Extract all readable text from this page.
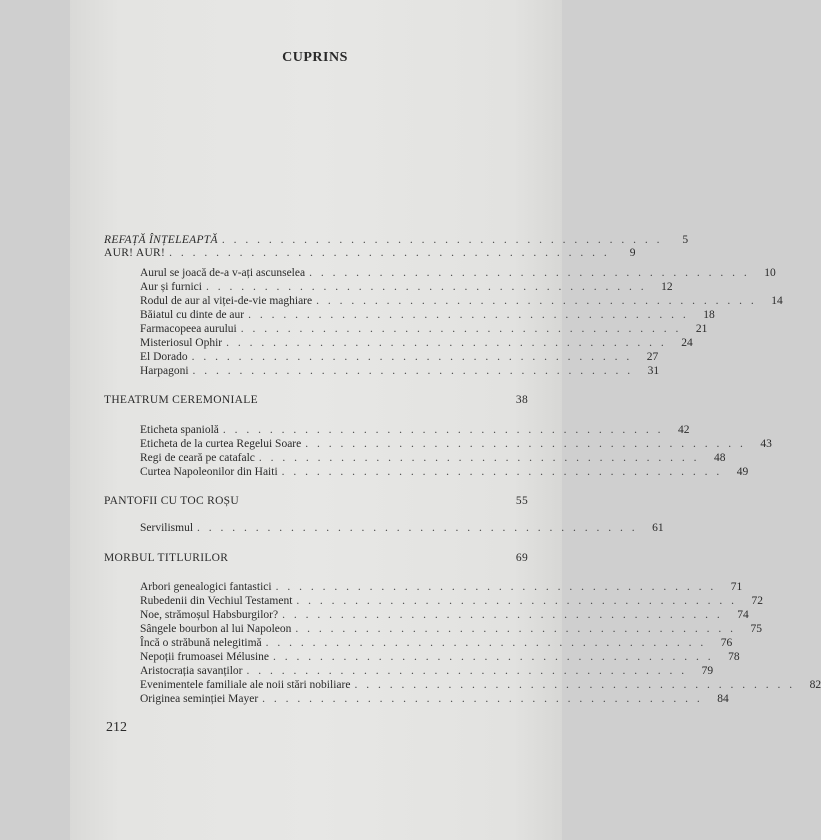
CUPRINS
REFAȚĂ ÎNȚELEAPTĂ . . . . . . . . . . . . . . . . . . . . . . . . . . . . . . . . . . . . . .	5
AUR! AUR! . . . . . . . . . . . . . . . . . . . . . . . . . . . . . . . . . . . . . .	9
Aurul se joacă de-a v-ați ascunselea . . . . . . . . . . . . . . . . . . . . . . . . . . . . . . . . . . . . . .	10
Aur și furnici . . . . . . . . . . . . . . . . . . . . . . . . . . . . . . . . . . . . . .	12
Rodul de aur al viței-de-vie maghiare . . . . . . . . . . . . . . . . . . . . . . . . . . . . . . . . . . . . . .	14
Băiatul cu dinte de aur . . . . . . . . . . . . . . . . . . . . . . . . . . . . . . . . . . . . . .	18
Farmacopeea aurului . . . . . . . . . . . . . . . . . . . . . . . . . . . . . . . . . . . . . .	21
Misteriosul Ophir . . . . . . . . . . . . . . . . . . . . . . . . . . . . . . . . . . . . . .	24
El Dorado . . . . . . . . . . . . . . . . . . . . . . . . . . . . . . . . . . . . . .	27
Harpagoni . . . . . . . . . . . . . . . . . . . . . . . . . . . . . . . . . . . . . .	31
THEATRUM CEREMONIALE	38
Eticheta spaniolă . . . . . . . . . . . . . . . . . . . . . . . . . . . . . . . . . . . . . .	42
Eticheta de la curtea Regelui Soare . . . . . . . . . . . . . . . . . . . . . . . . . . . . . . . . . . . . . .	43
Regi de ceară pe catafalc . . . . . . . . . . . . . . . . . . . . . . . . . . . . . . . . . . . . . .	48
Curtea Napoleonilor din Haiti . . . . . . . . . . . . . . . . . . . . . . . . . . . . . . . . . . . . . .	49
PANTOFII CU TOC ROȘU	55
Servilismul . . . . . . . . . . . . . . . . . . . . . . . . . . . . . . . . . . . . . .	61
MORBUL TITLURILOR	69
Arbori genealogici fantastici . . . . . . . . . . . . . . . . . . . . . . . . . . . . . . . . . . . . . .	71
Rubedenii din Vechiul Testament . . . . . . . . . . . . . . . . . . . . . . . . . . . . . . . . . . . . . .	72
Noe, strămoșul Habsburgilor? . . . . . . . . . . . . . . . . . . . . . . . . . . . . . . . . . . . . . .	74
Sângele bourbon al lui Napoleon . . . . . . . . . . . . . . . . . . . . . . . . . . . . . . . . . . . . . .	75
Încă o străbună nelegitimă . . . . . . . . . . . . . . . . . . . . . . . . . . . . . . . . . . . . . .	76
Nepoții frumoasei Mélusine . . . . . . . . . . . . . . . . . . . . . . . . . . . . . . . . . . . . . .	78
Aristocrația savanților . . . . . . . . . . . . . . . . . . . . . . . . . . . . . . . . . . . . . .	79
Evenimentele familiale ale noii stări nobiliare . . . . . . . . . . . . . . . . . . . . . . . . . . . . . . . . . . . . . .	82
Originea seminției Mayer . . . . . . . . . . . . . . . . . . . . . . . . . . . . . . . . . . . . . .	84
212
